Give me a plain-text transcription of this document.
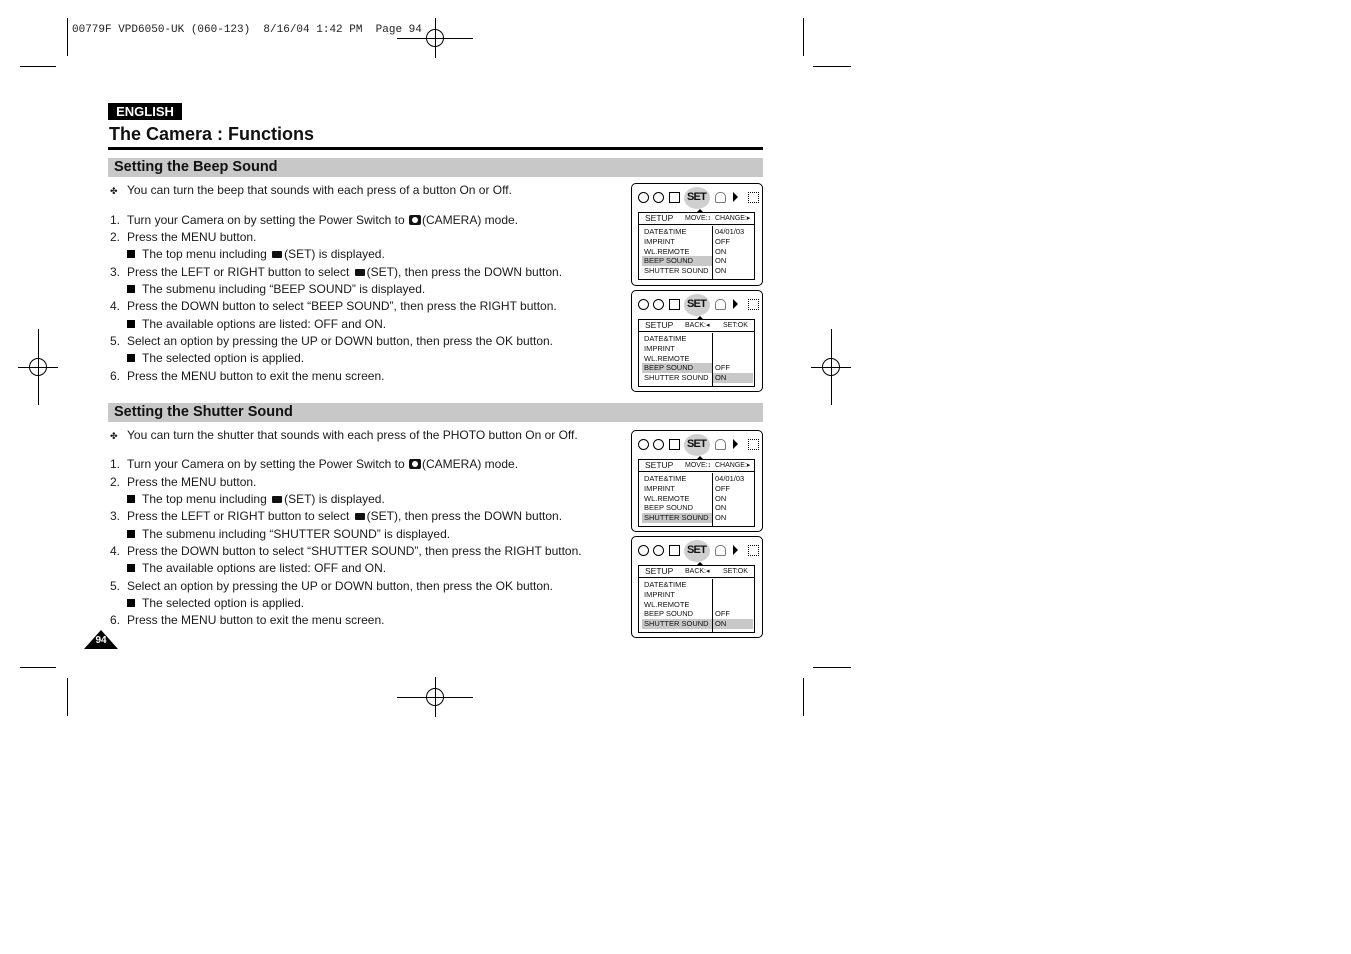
00779F VPD6050-UK (060-123)  8/16/04 1:42 PM  Page 94
ENGLISH
The Camera : Functions
Setting the Beep Sound
✤ You can turn the beep that sounds with each press of a button On or Off.
1. Turn your Camera on by setting the Power Switch to (CAMERA) mode.
2. Press the MENU button.
The top menu including (SET) is displayed.
3. Press the LEFT or RIGHT button to select (SET), then press the DOWN button.
The submenu including “BEEP SOUND” is displayed.
4. Press the DOWN button to select “BEEP SOUND”, then press the RIGHT button.
The available options are listed: OFF and ON.
5. Select an option by pressing the UP or DOWN button, then press the OK button.
The selected option is applied.
6. Press the MENU button to exit the menu screen.
Setting the Shutter Sound
✤ You can turn the shutter that sounds with each press of the PHOTO button On or Off.
1. Turn your Camera on by setting the Power Switch to (CAMERA) mode.
2. Press the MENU button.
The top menu including (SET) is displayed.
3. Press the LEFT or RIGHT button to select (SET), then press the DOWN button.
The submenu including “SHUTTER SOUND” is displayed.
4. Press the DOWN button to select “SHUTTER SOUND”, then press the RIGHT button.
The available options are listed: OFF and ON.
5. Select an option by pressing the UP or DOWN button, then press the OK button.
The selected option is applied.
6. Press the MENU button to exit the menu screen.
SET
SETUP MOVE:↕ CHANGE:▸
DATE&TIME	04/01/03
IMPRINT	OFF
WL.REMOTE	ON
BEEP SOUND	ON
SHUTTER SOUND ON
SET
SETUP BACK:◂ SET:OK
DATE&TIME
IMPRINT
WL.REMOTE
BEEP SOUND	OFF
SHUTTER SOUND ON
SET
SETUP MOVE:↕ CHANGE:▸
DATE&TIME	04/01/03
IMPRINT	OFF
WL.REMOTE	ON
BEEP SOUND	ON
SHUTTER SOUND ON
SET
SETUP BACK:◂ SET:OK
DATE&TIME
IMPRINT
WL.REMOTE
BEEP SOUND	OFF
SHUTTER SOUND ON
94
